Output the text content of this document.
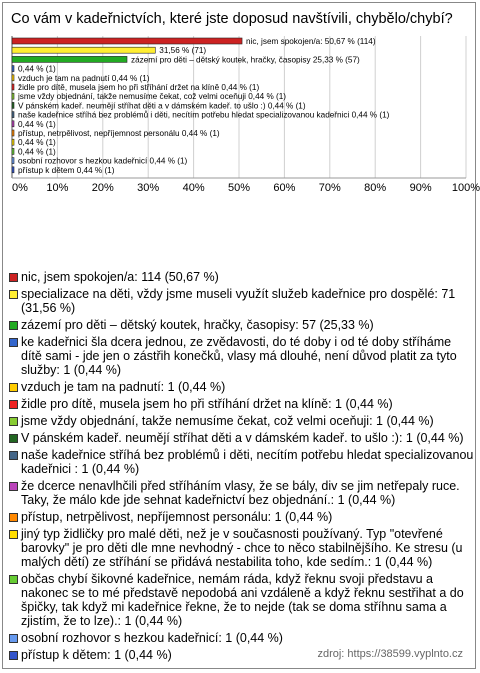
Co vám v kadeřnictvích, které jste doposud navštívili, chybělo/chybí?
0% 10% 20% 30% 40% 50% 60% 70% 80% 90% 100%
nic, jsem spokojen/a: 50,67 % (114)
31,56 % (71)
zázemí pro děti – dětský koutek, hračky, časopisy 25,33 % (57)
0,44 % (1)
vzduch je tam na padnutí 0,44 % (1)
židle pro dítě, musela jsem ho při stříhání držet na klíně 0,44 % (1)
jsme vždy objednání, takže nemusíme čekat, což velmi oceňuji 0,44 % (1)
V pánském kadeř. neumějí stříhat děti a v dámském kadeř. to ušlo :) 0,44 % (1)
naše kadeřnice stříhá bez problémů i děti, necítím potřebu hledat specializovanou kadeřnici 0,44 % (1)
0,44 % (1)
přístup, netrpělivost, nepříjemnost personálu 0,44 % (1)
0,44 % (1)
0,44 % (1)
osobní rozhovor s hezkou kadeřnicí 0,44 % (1)
přístup k dětem 0,44 % (1)
nic, jsem spokojen/a: 114 (50,67 %)
specializace na děti, vždy jsme museli využít služeb kadeřnice pro dospělé: 71 (31,56 %)
zázemí pro děti – dětský koutek, hračky, časopisy: 57 (25,33 %)
ke kadeřnici šla dcera jednou, ze zvědavosti, do té doby i od té doby stříháme dítě sami - jde jen o zástřih konečků, vlasy má dlouhé, není důvod platit za tyto služby: 1 (0,44 %)
vzduch je tam na padnutí: 1 (0,44 %)
židle pro dítě, musela jsem ho při stříhání držet na klíně: 1 (0,44 %)
jsme vždy objednání, takže nemusíme čekat, což velmi oceňuji: 1 (0,44 %)
V pánském kadeř. neumějí stříhat děti a v dámském kadeř. to ušlo :): 1 (0,44 %)
naše kadeřnice stříhá bez problémů i děti, necítím potřebu hledat specializovanou kadeřnici : 1 (0,44 %)
že dcerce nenavlhčili před stříháním vlasy, že se bály, div se jim netřepaly ruce. Taky, že málo kde jde sehnat kadeřnictví bez objednání.: 1 (0,44 %)
přístup, netrpělivost, nepříjemnost personálu: 1 (0,44 %)
jiný typ židličky pro malé děti, než je v současnosti používaný. Typ "otevřené barovky" je pro děti dle mne nevhodný - chce to něco stabilnějšího. Ke stresu (u malých dětí) ze stříhání se přidává nestabilita toho, kde sedím.: 1 (0,44 %)
občas chybí šikovné kadeřnice, nemám ráda, když řeknu svoji představu a nakonec se to mé představě nepodobá ani vzdáleně a když řeknu sestřihat a do špičky, tak když mi kadeřnice řekne, že to nejde (tak se doma stříhnu sama a zjistím, že to lze).: 1 (0,44 %)
osobní rozhovor s hezkou kadeřnicí: 1 (0,44 %)
přístup k dětem: 1 (0,44 %)	zdroj: https://38599.vyplnto.cz
